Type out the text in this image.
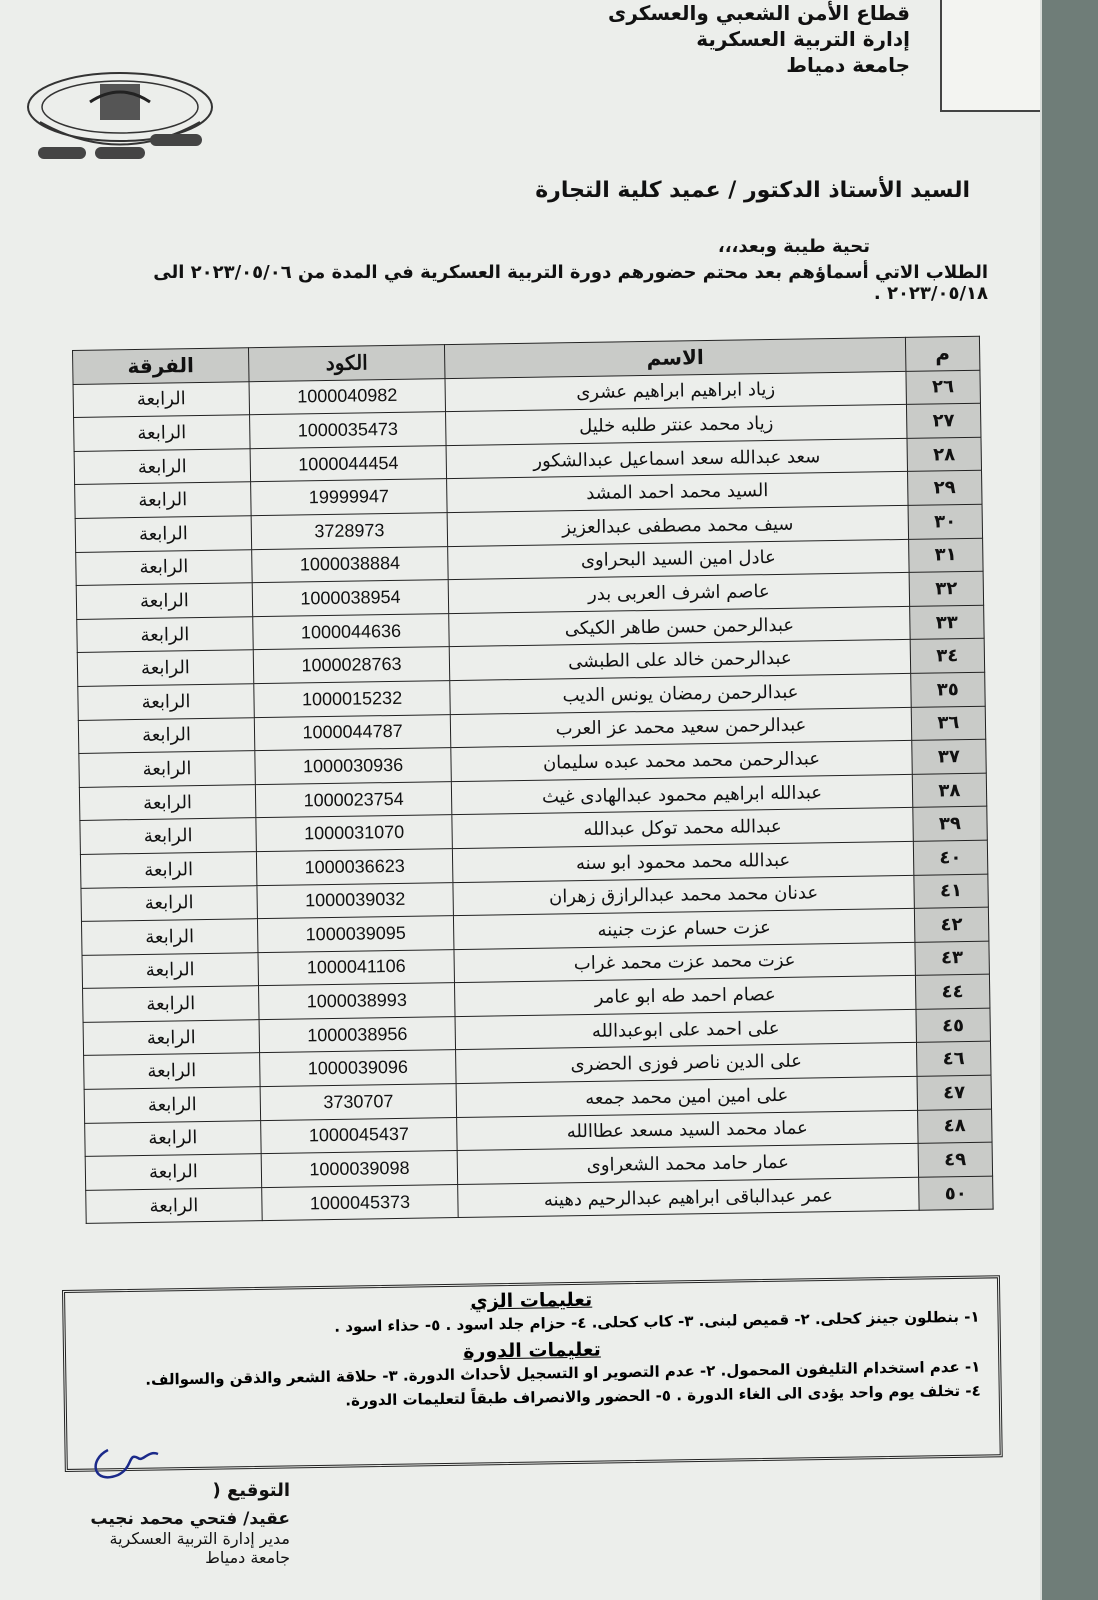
قطاع الأمن الشعبي والعسكرى
إدارة التربية العسكرية
جامعة دمياط
السيد الأستاذ الدكتور / عميد كلية التجارة
تحية طيبة وبعد،،،
الطلاب الاتي أسماؤهم بعد محتم حضورهم دورة التربية العسكرية في المدة من ٢٠٢٣/٠٥/٠٦ الى ٢٠٢٣/٠٥/١٨ .
م	الاسم	الكود	الفرقة
٢٦	زياد ابراهيم ابراهيم عشرى	1000040982	الرابعة
٢٧	زياد محمد عنتر طلبه خليل	1000035473	الرابعة
٢٨	سعد عبدالله سعد اسماعيل عبدالشكور	1000044454	الرابعة
٢٩	السيد محمد احمد المشد	19999947	الرابعة
٣٠	سيف محمد مصطفى عبدالعزيز	3728973	الرابعة
٣١	عادل امين السيد البحراوى	1000038884	الرابعة
٣٢	عاصم اشرف العربى بدر	1000038954	الرابعة
٣٣	عبدالرحمن حسن طاهر الكيكى	1000044636	الرابعة
٣٤	عبدالرحمن خالد على الطبشى	1000028763	الرابعة
٣٥	عبدالرحمن رمضان يونس الديب	1000015232	الرابعة
٣٦	عبدالرحمن سعيد محمد عز العرب	1000044787	الرابعة
٣٧	عبدالرحمن محمد محمد عبده سليمان	1000030936	الرابعة
٣٨	عبدالله ابراهيم محمود عبدالهادى غيث	1000023754	الرابعة
٣٩	عبدالله محمد توكل عبدالله	1000031070	الرابعة
٤٠	عبدالله محمد محمود ابو سنه	1000036623	الرابعة
٤١	عدنان محمد محمد عبدالرازق زهران	1000039032	الرابعة
٤٢	عزت حسام عزت جنينه	1000039095	الرابعة
٤٣	عزت محمد عزت محمد غراب	1000041106	الرابعة
٤٤	عصام احمد طه ابو عامر	1000038993	الرابعة
٤٥	على احمد على ابوعبدالله	1000038956	الرابعة
٤٦	على الدين ناصر فوزى الحضرى	1000039096	الرابعة
٤٧	على امين امين محمد جمعه	3730707	الرابعة
٤٨	عماد محمد السيد مسعد عطاالله	1000045437	الرابعة
٤٩	عمار حامد محمد الشعراوى	1000039098	الرابعة
٥٠	عمر عبدالباقى ابراهيم عبدالرحيم دهينه	1000045373	الرابعة
تعليمات الزي
١- بنطلون جينز كحلى. ٢- قميص لبنى. ٣- كاب كحلى. ٤- حزام جلد اسود . ٥- حذاء اسود .
تعليمات الدورة
١- عدم استخدام التليفون المحمول. ٢- عدم التصوير او التسجيل لأحداث الدورة. ٣- حلاقة الشعر والذقن والسوالف.
٤- تخلف يوم واحد يؤدى الى الغاء الدورة . ٥- الحضور والانصراف طبقاً لتعليمات الدورة.
التوقيع (
عقيد/ فتحي محمد نجيب
مدير إدارة التربية العسكرية
جامعة دمياط
